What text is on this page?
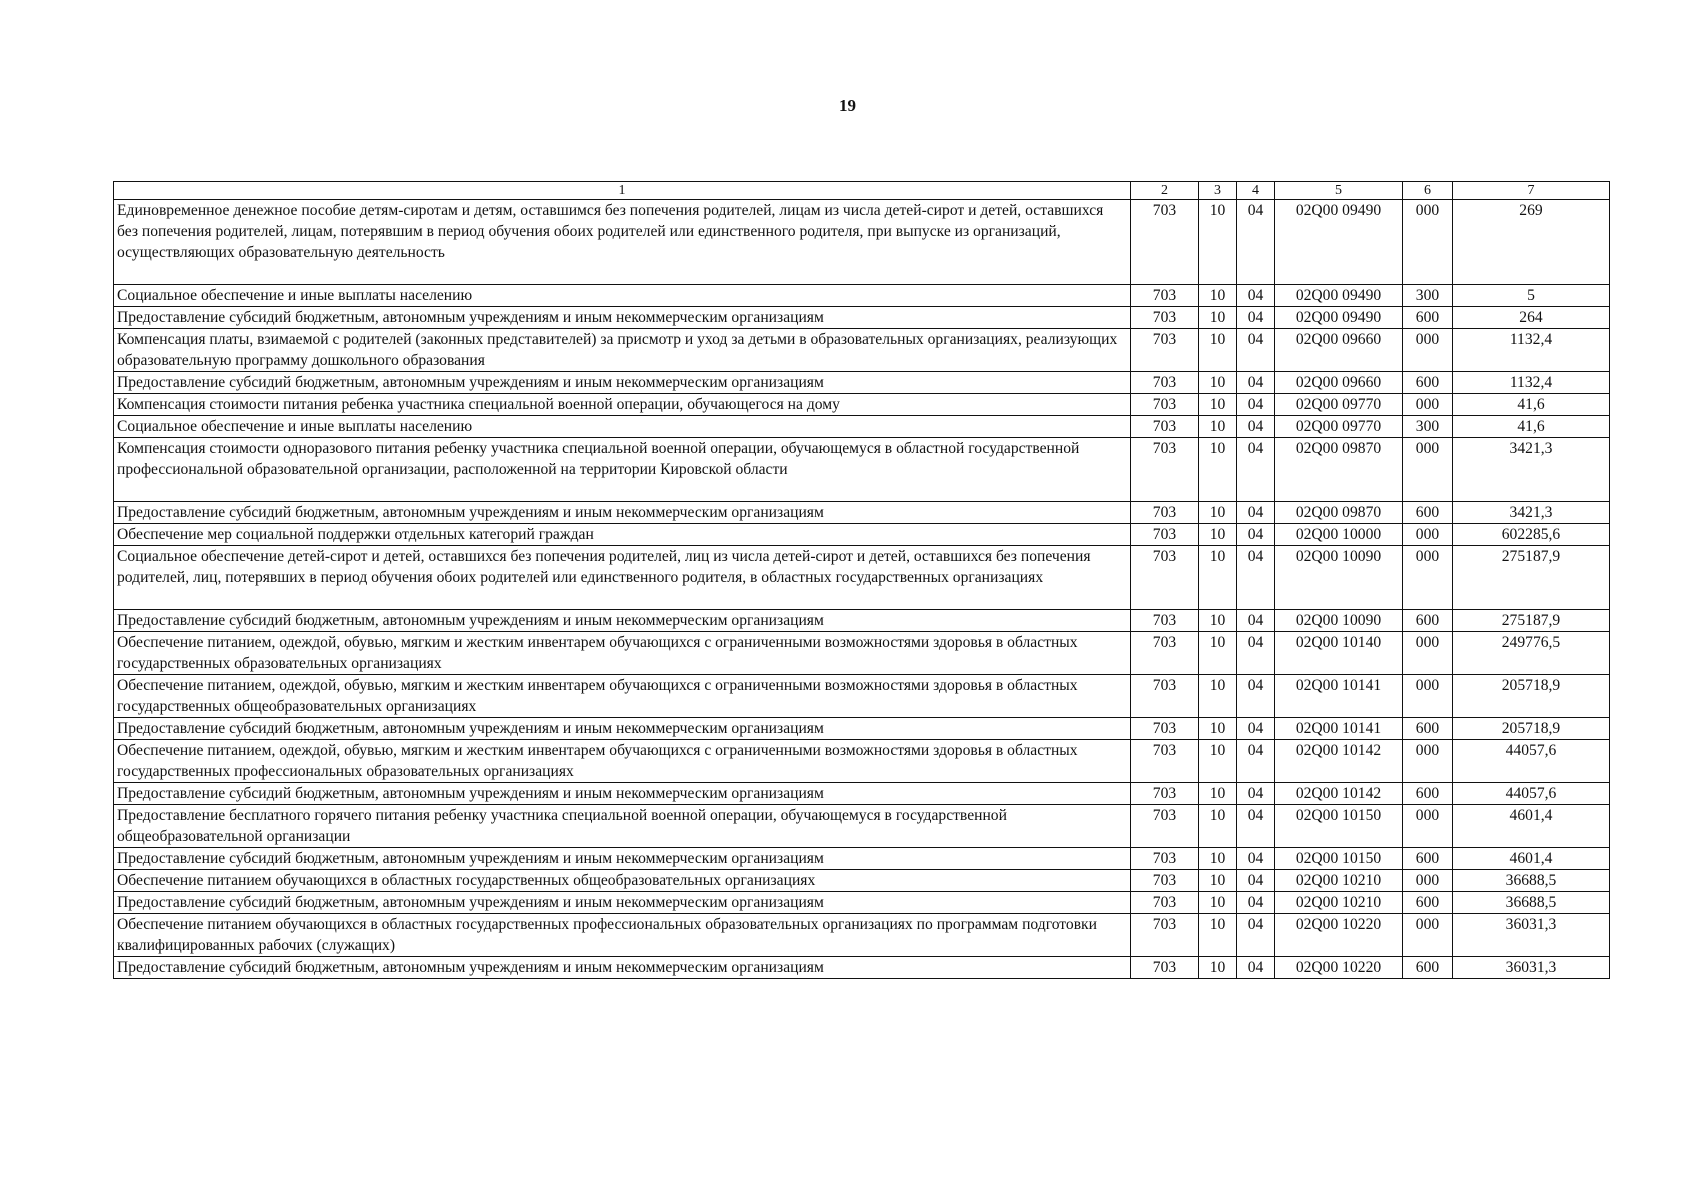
19
1	2	3	4	5	6	7
Единовременное денежное пособие детям-сиротам и детям, оставшимся без попечения родителей, лицам из числа детей-сирот и детей, оставшихся без попечения родителей, лицам, потерявшим в период обучения обоих родителей или единственного родителя, при выпуске из организаций, осуществляющих образовательную деятельность	703	10	04	02Q00 09490	000	269
Социальное обеспечение и иные выплаты населению	703	10	04	02Q00 09490	300	5
Предоставление субсидий бюджетным, автономным учреждениям и иным некоммерческим организациям	703	10	04	02Q00 09490	600	264
Компенсация платы, взимаемой с родителей (законных представителей) за присмотр и уход за детьми в образовательных организациях, реализующих образовательную программу дошкольного образования	703	10	04	02Q00 09660	000	1132,4
Предоставление субсидий бюджетным, автономным учреждениям и иным некоммерческим организациям	703	10	04	02Q00 09660	600	1132,4
Компенсация стоимости питания ребенка участника специальной военной операции, обучающегося на дому	703	10	04	02Q00 09770	000	41,6
Социальное обеспечение и иные выплаты населению	703	10	04	02Q00 09770	300	41,6
Компенсация стоимости одноразового питания ребенку участника специальной военной операции, обучающемуся в областной государственной профессиональной образовательной организации, расположенной на территории Кировской области	703	10	04	02Q00 09870	000	3421,3
Предоставление субсидий бюджетным, автономным учреждениям и иным некоммерческим организациям	703	10	04	02Q00 09870	600	3421,3
Обеспечение мер социальной поддержки отдельных категорий граждан	703	10	04	02Q00 10000	000	602285,6
Социальное обеспечение детей-сирот и детей, оставшихся без попечения родителей, лиц из числа детей-сирот и детей, оставшихся без попечения родителей, лиц, потерявших в период обучения обоих родителей или единственного родителя, в областных государственных организациях	703	10	04	02Q00 10090	000	275187,9
Предоставление субсидий бюджетным, автономным учреждениям и иным некоммерческим организациям	703	10	04	02Q00 10090	600	275187,9
Обеспечение питанием, одеждой, обувью, мягким и жестким инвентарем обучающихся с ограниченными возможностями здоровья в областных государственных образовательных организациях	703	10	04	02Q00 10140	000	249776,5
Обеспечение питанием, одеждой, обувью, мягким и жестким инвентарем обучающихся с ограниченными возможностями здоровья в областных государственных общеобразовательных организациях	703	10	04	02Q00 10141	000	205718,9
Предоставление субсидий бюджетным, автономным учреждениям и иным некоммерческим организациям	703	10	04	02Q00 10141	600	205718,9
Обеспечение питанием, одеждой, обувью, мягким и жестким инвентарем обучающихся с ограниченными возможностями здоровья в областных государственных профессиональных образовательных организациях	703	10	04	02Q00 10142	000	44057,6
Предоставление субсидий бюджетным, автономным учреждениям и иным некоммерческим организациям	703	10	04	02Q00 10142	600	44057,6
Предоставление бесплатного горячего питания ребенку участника специальной военной операции, обучающемуся в государственной общеобразовательной организации	703	10	04	02Q00 10150	000	4601,4
Предоставление субсидий бюджетным, автономным учреждениям и иным некоммерческим организациям	703	10	04	02Q00 10150	600	4601,4
Обеспечение питанием обучающихся в областных государственных общеобразовательных организациях	703	10	04	02Q00 10210	000	36688,5
Предоставление субсидий бюджетным, автономным учреждениям и иным некоммерческим организациям	703	10	04	02Q00 10210	600	36688,5
Обеспечение питанием обучающихся в областных государственных профессиональных образовательных организациях по программам подготовки квалифицированных рабочих (служащих)	703	10	04	02Q00 10220	000	36031,3
Предоставление субсидий бюджетным, автономным учреждениям и иным некоммерческим организациям	703	10	04	02Q00 10220	600	36031,3
